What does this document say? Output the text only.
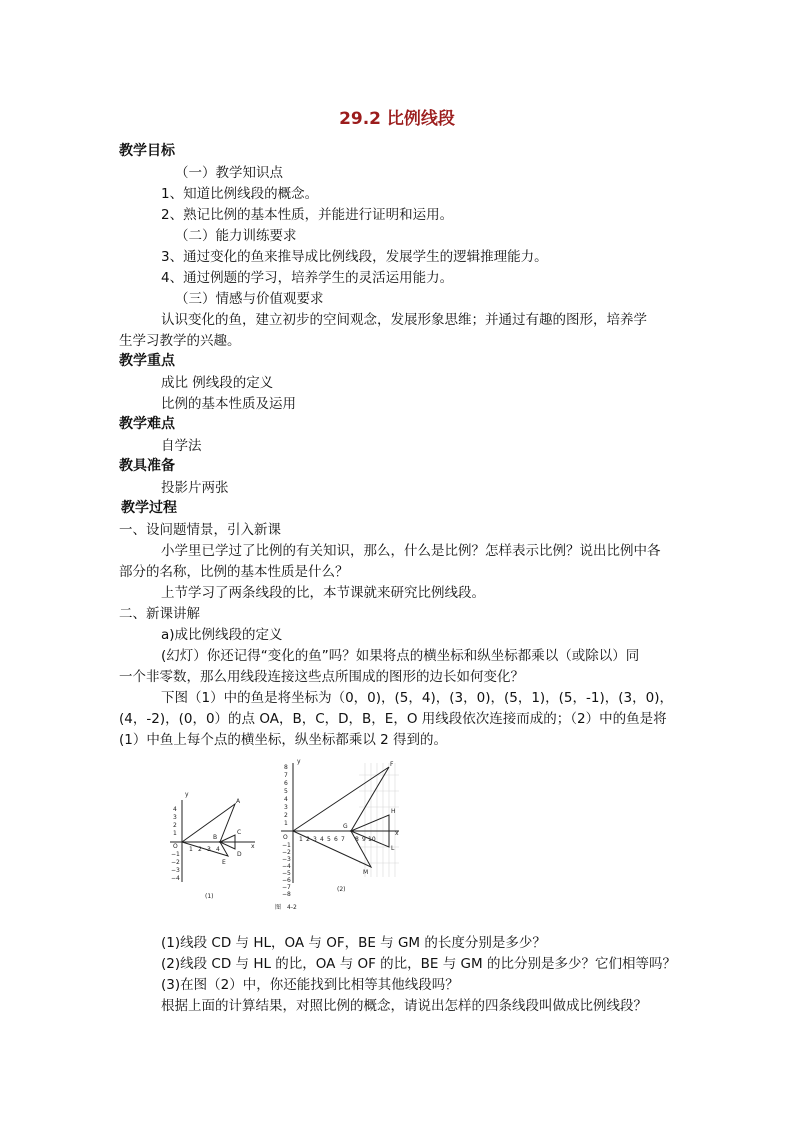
29.2 比例线段
教学目标
（一）教学知识点
1、知道比例线段的概念。
2、熟记比例的基本性质，并能进行证明和运用。
（二）能力训练要求
3、通过变化的鱼来推导成比例线段，发展学生的逻辑推理能力。
4、通过例题的学习，培养学生的灵活运用能力。
（三）情感与价值观要求
认识变化的鱼，建立初步的空间观念，发展形象思维；并通过有趣的图形，培养学
生学习教学的兴趣。
教学重点
成比 例线段的定义
比例的基本性质及运用
教学难点
自学法
教具准备
投影片两张
教学过程
一、设问题情景，引入新课
小学里已学过了比例的有关知识，那么，什么是比例？怎样表示比例？说出比例中各
部分的名称，比例的基本性质是什么？
上节学习了两条线段的比，本节课就来研究比例线段。
二、新课讲解
a)成比例线段的定义
(幻灯）你还记得“变化的鱼”吗？如果将点的横坐标和纵坐标都乘以（或除以）同
一个非零数，那么用线段连接这些点所围成的图形的边长如何变化？
下图（1）中的鱼是将坐标为（0，0)，(5，4)，(3，0)，(5，1)，(5，-1)，(3，0)，
(4，-2)，(0，0）的点 OA，B，C，D，B，E，O 用线段依次连接而成的；（2）中的鱼是将
(1）中鱼上每个点的横坐标，纵坐标都乘以 2 得到的。
y
x
O
A
B
C
D
E
1 2 3 4
4
3
2
1
−1
−2
−3
−4
(1)
y
x
O
F
G
H
L
M
1 2 3 4 5 6 7 8 9 10
8
7
6
5
4
3
2
1
−1
−2
−3
−4
−5
−6
−7
−8
(2)
图　4-2
(1)线段 CD 与 HL，OA 与 OF，BE 与 GM 的长度分别是多少？
(2)线段 CD 与 HL 的比，OA 与 OF 的比，BE 与 GM 的比分别是多少？它们相等吗？
(3)在图（2）中，你还能找到比相等其他线段吗？
根据上面的计算结果，对照比例的概念，请说出怎样的四条线段叫做成比例线段？
